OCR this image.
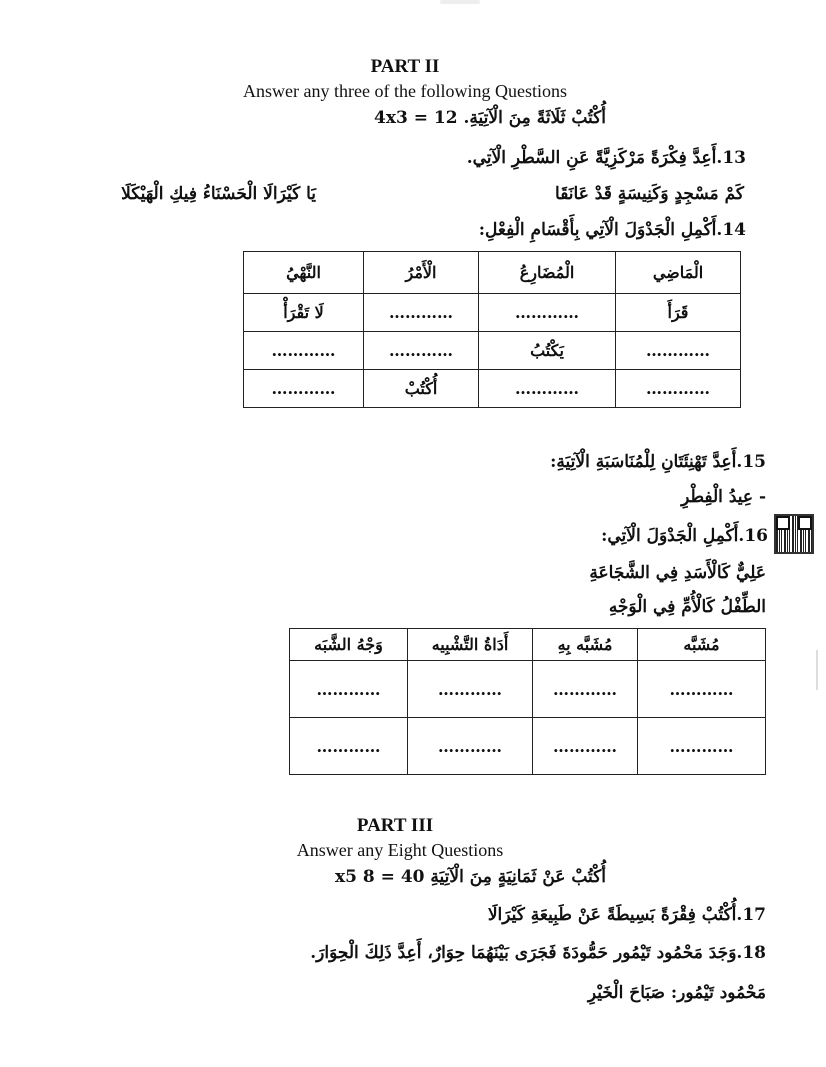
PART II
Answer any three of the following Questions
أُكْتُبْ ثَلَاثَةً مِنَ الْآتِيَةِ. 12 = 4x3
13.أَعِدَّ فِكْرَةً مَرْكَزِيَّةً عَنِ السَّطْرِ الْآتِي.
كَمْ مَسْجِدٍ وَكَنِيسَةٍ قَدْ عَانَقَا
يَا كَيْرَالَا الْحَسْنَاءُ فِيكِ الْهَيْكَلَا
14.أَكْمِلِ الْجَدْوَلَ الْآتِي بِأَقْسَامِ الْفِعْلِ:
الْمَاضِي	الْمُضَارِعُ	الْأَمْرُ	النَّهْيُ
قَرَأَ	…………	…………	لَا تَقْرَأْ
…………	يَكْتُبُ	…………	…………
…………	…………	أُكْتُبْ	…………
15.أَعِدَّ تَهْنِئَتَانِ لِلْمُنَاسَبَةِ الْآتِيَةِ:
- عِيدُ الْفِطْرِ
16.أَكْمِلِ الْجَدْوَلَ الْآتِي:
عَلِيٌّ كَالْأَسَدِ فِي الشَّجَاعَةِ
الطِّفْلُ كَالْأُمِّ فِي الْوَجْهِ
مُشَبَّه	مُشَبَّه بِهِ	أَدَاةُ التَّشْبِيه	وَجْهُ الشَّبَه
…………	…………	…………	…………
…………	…………	…………	…………
PART III
Answer any Eight Questions
أُكْتُبْ عَنْ ثَمَانِيَةٍ مِنَ الْآتِيَةِ 40 = 8 x5
17.أُكْتُبْ فِقْرَةً بَسِيطَةً عَنْ طَبِيعَةِ كَيْرَالَا
18.وَجَدَ مَحْمُود تَيْمُور حَمُّودَةَ فَجَرَى بَيْنَهُمَا حِوَارٌ، أَعِدَّ ذَلِكَ الْحِوَارَ.
مَحْمُود تَيْمُور: صَبَاحَ الْخَيْرِ
